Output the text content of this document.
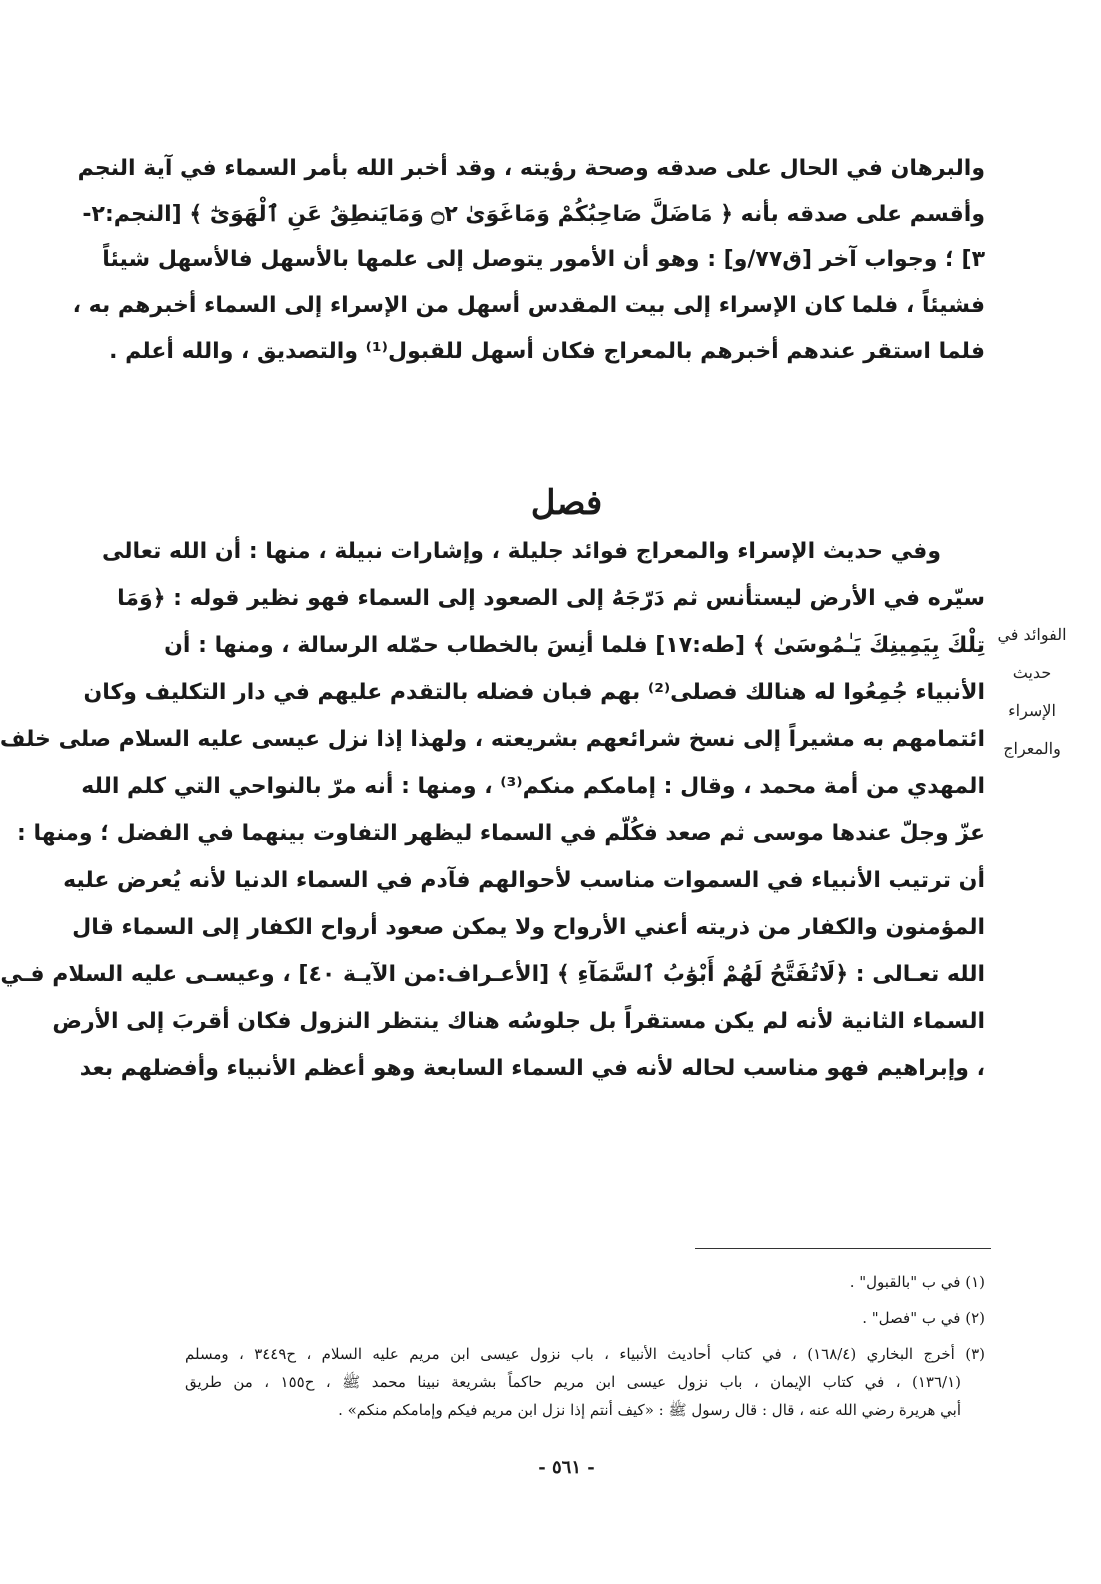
والبرهان في الحال على صدقه وصحة رؤيته ، وقد أخبر الله بأمر السماء في آية النجم
وأقسم على صدقه بأنه ﴿ مَاضَلَّ صَاحِبُكُمْ وَمَاغَوَىٰ ۝٢ وَمَايَنطِقُ عَنِ ٱلْهَوَىٰٓ ﴾ [النجم:٢-
٣] ؛ وجواب آخر [ق٧٧/و] : وهو أن الأمور يتوصل إلى علمها بالأسهل فالأسهل شيئاً
فشيئاً ، فلما كان الإسراء إلى بيت المقدس أسهل من الإسراء إلى السماء أخبرهم به ،
فلما استقر عندهم أخبرهم بالمعراج فكان أسهل للقبول⁽¹⁾ والتصديق ، والله أعلم .
فصل
وفي حديث الإسراء والمعراج فوائد جليلة ، وإشارات نبيلة ، منها : أن الله تعالى
سيّره في الأرض ليستأنس ثم دَرّجَهُ إلى الصعود إلى السماء فهو نظير قوله : ﴿وَمَا
تِلْكَ بِيَمِينِكَ يَـٰمُوسَىٰ ﴾ [طه:١٧] فلما أنِسَ بالخطاب حمّله الرسالة ، ومنها : أن
الأنبياء جُمِعُوا له هنالك فصلى⁽²⁾ بهم فبان فضله بالتقدم عليهم في دار التكليف وكان
ائتمامهم به مشيراً إلى نسخ شرائعهم بشريعته ، ولهذا إذا نزل عيسى عليه السلام صلى خلف
المهدي من أمة محمد ، وقال : إمامكم منكم⁽³⁾ ، ومنها : أنه مرّ بالنواحي التي كلم الله
عزّ وجلّ عندها موسى ثم صعد فكُلّم في السماء ليظهر التفاوت بينهما في الفضل ؛ ومنها :
أن ترتيب الأنبياء في السموات مناسب لأحوالهم فآدم في السماء الدنيا لأنه يُعرض عليه
المؤمنون والكفار من ذريته أعني الأرواح ولا يمكن صعود أرواح الكفار إلى السماء قال
الله تعـالى : ﴿لَاتُفَتَّحُ لَهُمْ أَبْوَٰبُ ٱلسَّمَآءِ ﴾ [الأعـراف:من الآيـة ٤٠] ، وعيسـى عليه السلام فـي
السماء الثانية لأنه لم يكن مستقراً بل جلوسُه هناك ينتظر النزول فكان أقربَ إلى الأرض
، وإبراهيم فهو مناسب لحاله لأنه في السماء السابعة وهو أعظم الأنبياء وأفضلهم بعد
الفوائد في
حديث
الإسراء
والمعراج
(١) في ب "بالقبول" .
(٢) في ب "فصل" .
(٣) أخرج البخاري (١٦٨/٤) ، في كتاب أحاديث الأنبياء ، باب نزول عيسى ابن مريم عليه السلام ، ح٣٤٤٩ ، ومسلم
(١٣٦/١) ، في كتاب الإيمان ، باب نزول عيسى ابن مريم حاكماً بشريعة نبينا محمد ﷺ ، ح١٥٥ ، من طريق
أبي هريرة رضي الله عنه ، قال : قال رسول ﷺ : «كيف أنتم إذا نزل ابن مريم فيكم وإمامكم منكم» .
- ٥٦١ -
